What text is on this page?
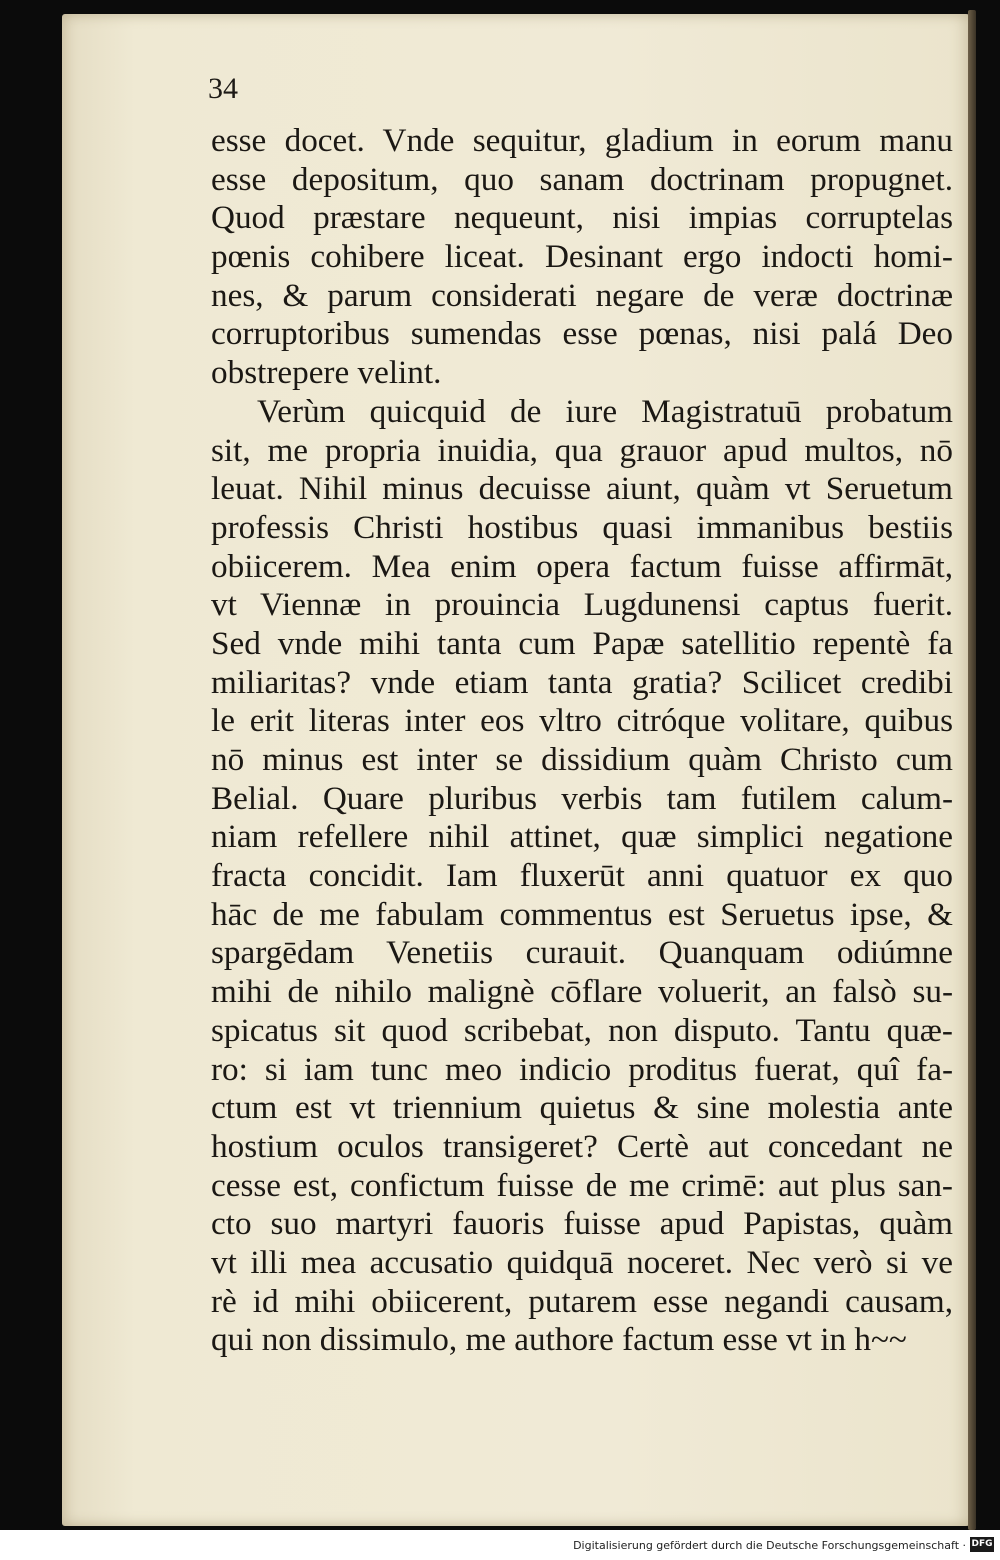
34
esse docet. Vnde sequitur, gladium in eorum manu
esse depositum, quo sanam doctrinam propugnet.
Quod præstare nequeunt, nisi impias corruptelas
pœnis cohibere liceat. Desinant ergo indocti homi-
nes, & parum considerati negare de veræ doctrinæ
corruptoribus sumendas esse pœnas, nisi palá Deo
obstrepere velint.
Verùm quicquid de iure Magistratuū probatum
sit, me propria inuidia, qua grauor apud multos, nō
leuat. Nihil minus decuisse aiunt, quàm vt Seruetum
professis Christi hostibus quasi immanibus bestiis
obiicerem. Mea enim opera factum fuisse affirmāt,
vt Viennæ in prouincia Lugdunensi captus fuerit.
Sed vnde mihi tanta cum Papæ satellitio repentè fa
miliaritas? vnde etiam tanta gratia? Scilicet credibi
le erit literas inter eos vltro citróque volitare, quibus
nō minus est inter se dissidium quàm Christo cum
Belial. Quare pluribus verbis tam futilem calum-
niam refellere nihil attinet, quæ simplici negatione
fracta concidit. Iam fluxerūt anni quatuor ex quo
hāc de me fabulam commentus est Seruetus ipse, &
spargēdam Venetiis curauit. Quanquam odiúmne
mihi de nihilo malignè cōflare voluerit, an falsò su-
spicatus sit quod scribebat, non disputo. Tantu quæ-
ro: si iam tunc meo indicio proditus fuerat, quî fa-
ctum est vt triennium quietus & sine molestia ante
hostium oculos transigeret? Certè aut concedant ne
cesse est, confictum fuisse de me crimē: aut plus san-
cto suo martyri fauoris fuisse apud Papistas, quàm
vt illi mea accusatio quidquā noceret. Nec verò si ve
rè id mihi obiicerent, putarem esse negandi causam,
qui non dissimulo, me authore factum esse vt in h~~
Digitalisierung gefördert durch die Deutsche Forschungsgemeinschaft · DFG
